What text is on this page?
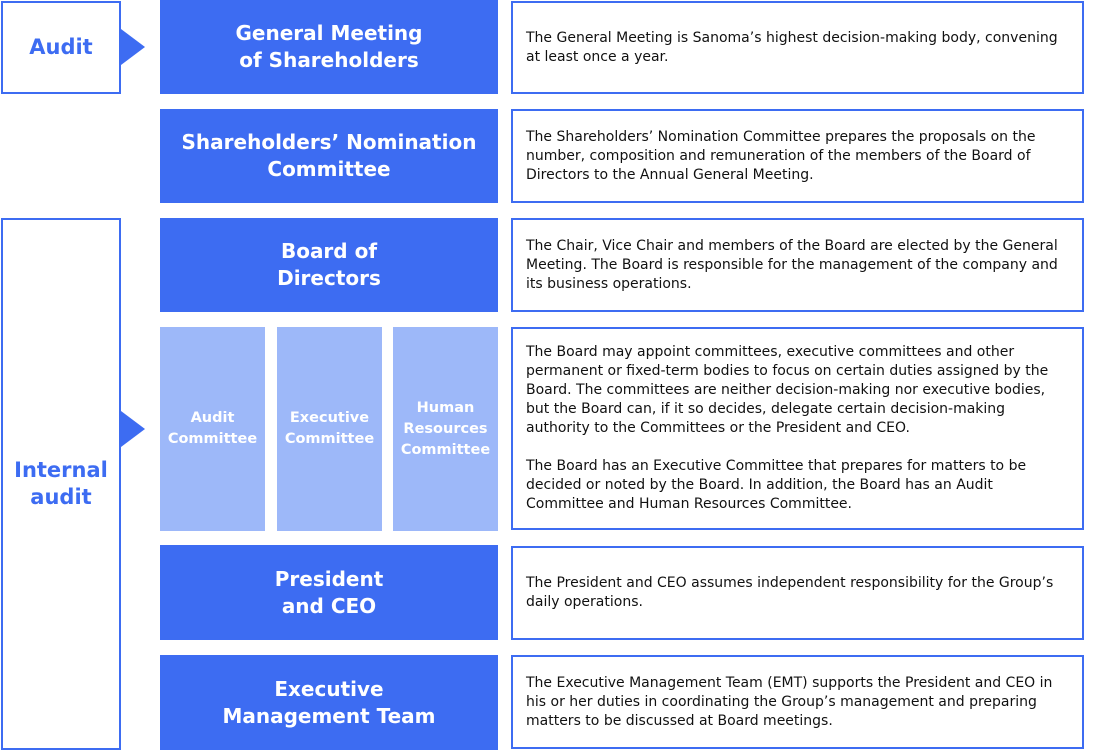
Audit
Internal
audit
General Meeting
of Shareholders

The General Meeting is Sanoma’s highest decision-making body, convening at least once a year.

Shareholders’ Nomination
Committee

The Shareholders’ Nomination Committee prepares the proposals on the number, composition and remuneration of the members of the Board of Directors to the Annual General Meeting.

Board of
Directors

The Chair, Vice Chair and members of the Board are elected by the General Meeting. The Board is responsible for the management of the company and its business operations.

Audit
Committee
Executive
Committee
Human
Resources
Committee

The Board may appoint committees, executive committees and other permanent or fixed-term bodies to focus on certain duties assigned by the Board. The committees are neither decision-making nor executive bodies, but the Board can, if it so decides, delegate certain decision-making authority to the Committees or the President and CEO.

The Board has an Executive Committee that prepares for matters to be decided or noted by the Board. In addition, the Board has an Audit Committee and Human Resources Committee.

President
and CEO

The President and CEO assumes independent responsibility for the Group’s daily operations.

Executive
Management Team

The Executive Management Team (EMT) supports the President and CEO in his or her duties in coordinating the Group’s management and preparing matters to be discussed at Board meetings.
